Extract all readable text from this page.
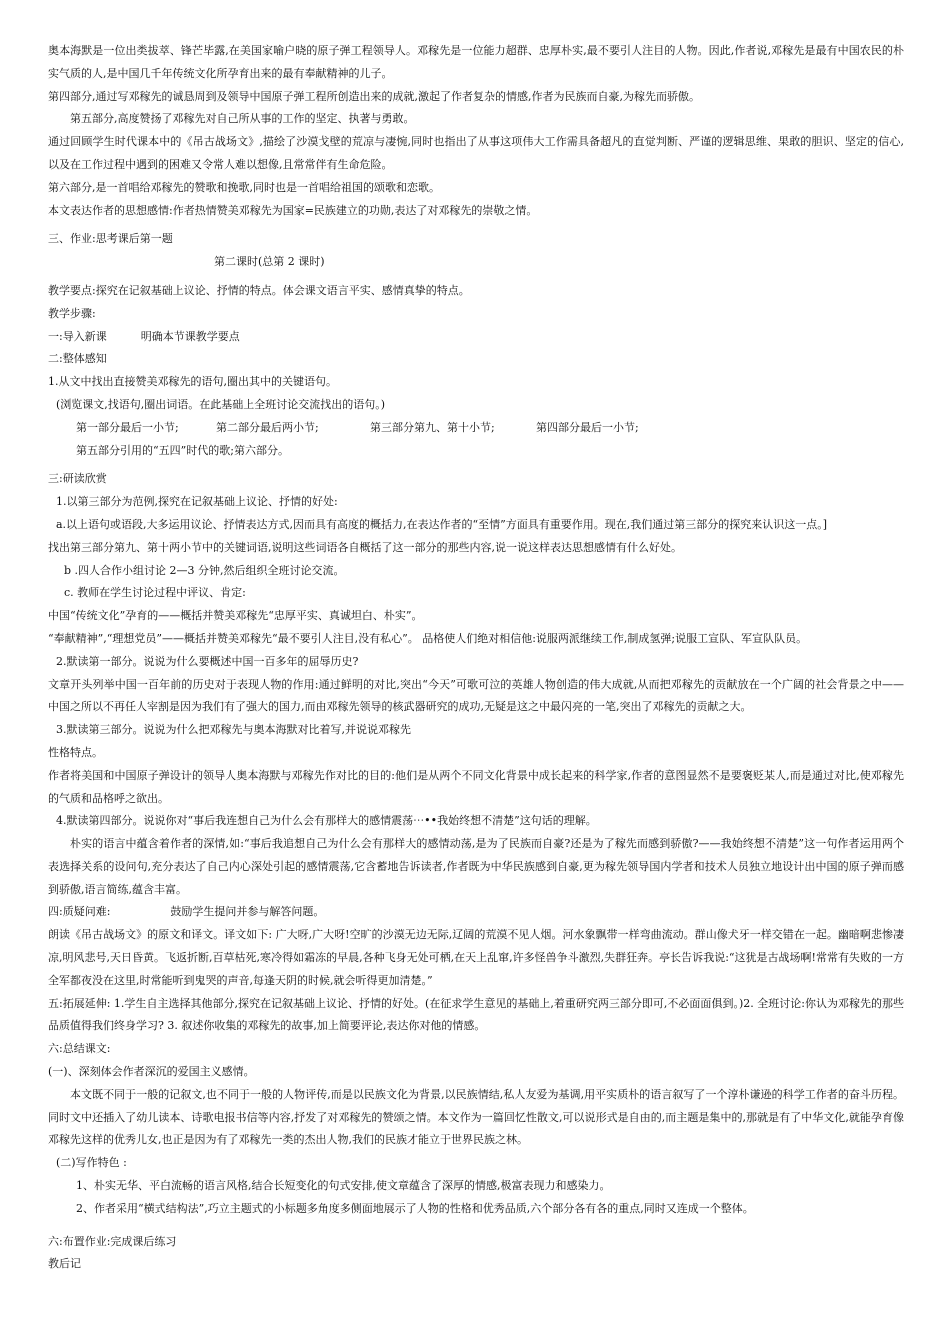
奥本海默是一位出类拔萃、锋芒毕露,在美国家喻户晓的原子弹工程领导人。邓稼先是一位能力超群、忠厚朴实,最不要引人注目的人物。因此,作者说,邓稼先是最有中国农民的朴实气质的人,是中国几千年传统文化所孕育出来的最有奉献精神的儿子。

第四部分,通过写邓稼先的诚恳周到及领导中国原子弹工程所创造出来的成就,激起了作者复杂的情感,作者为民族而自豪,为稼先而骄傲。

第五部分,高度赞扬了邓稼先对自己所从事的工作的坚定、执著与勇敢。

通过回顾学生时代课本中的《吊古战场文》,描绘了沙漠戈壁的荒凉与凄惋,同时也指出了从事这项伟大工作需具备超凡的直觉判断、严谨的逻辑思维、果敢的胆识、坚定的信心,以及在工作过程中遇到的困难又令常人难以想像,且常常伴有生命危险。

第六部分,是一首唱给邓稼先的赞歌和挽歌,同时也是一首唱给祖国的颂歌和恋歌。

本文表达作者的思想感情:作者热情赞美邓稼先为国家=民族建立的功勋,表达了对邓稼先的崇敬之情。

三、作业:思考课后第一题

第二课时(总第 2 课时)

教学要点:探究在记叙基础上议论、抒情的特点。体会课文语言平实、感情真挚的特点。

教学步骤:

一:导入新课	明确本节课教学要点

二:整体感知

1.从文中找出直接赞美邓稼先的语句,圈出其中的关键语句。

(浏览课文,找语句,圈出词语。在此基础上全班讨论交流找出的语句。)

第一部分最后一小节;	第二部分最后两小节;	第三部分第九、第十小节;	第四部分最后一小节;

第五部分引用的“五四”时代的歌;第六部分。

三:研读欣赏

1.以第三部分为范例,探究在记叙基础上议论、抒情的好处:

a.以上语句或语段,大多运用议论、抒情表达方式,因而具有高度的概括力,在表达作者的“至情”方面具有重要作用。现在,我们通过第三部分的探究来认识这一点。]

找出第三部分第九、第十两小节中的关键词语,说明这些词语各自概括了这一部分的那些内容,说一说这样表达思想感情有什么好处。

b .四人合作小组讨论 2—3 分钟,然后组织全班讨论交流。

c. 教师在学生讨论过程中评议、肯定:

中国“传统文化”孕育的——概括并赞美邓稼先“忠厚平实、真诚坦白、朴实”。

“奉献精神”,“理想党员”——概括并赞美邓稼先“最不要引人注目,没有私心”。 品格使人们绝对相信他:说服两派继续工作,制成氢弹;说服工宣队、军宣队队员。

2.默读第一部分。说说为什么要概述中国一百多年的屈辱历史?

文章开头列举中国一百年前的历史对于表现人物的作用:通过鲜明的对比,突出“今天”可歌可泣的英雄人物创造的伟大成就,从而把邓稼先的贡献放在一个广阔的社会背景之中——中国之所以不再任人宰割是因为我们有了强大的国力,而由邓稼先领导的核武器研究的成功,无疑是这之中最闪亮的一笔,突出了邓稼先的贡献之大。

3.默读第三部分。说说为什么把邓稼先与奥本海默对比着写,并说说邓稼先

性格特点。

作者将美国和中国原子弹设计的领导人奥本海默与邓稼先作对比的目的:他们是从两个不同文化背景中成长起来的科学家,作者的意图显然不是要褒贬某人,而是通过对比,使邓稼先的气质和品格呼之欲出。

4.默读第四部分。说说你对“事后我连想自己为什么会有那样大的感情震荡⋯••我始终想不清楚”这句话的理解。

朴实的语言中蕴含着作者的深情,如:“事后我追想自己为什么会有那样大的感情动荡,是为了民族而自豪?还是为了稼先而感到骄傲?——我始终想不清楚”这一句作者运用两个表选择关系的设问句,充分表达了自己内心深处引起的感情震荡,它含蓄地告诉读者,作者既为中华民族感到自豪,更为稼先领导国内学者和技术人员独立地设计出中国的原子弹而感到骄傲,语言简练,蕴含丰富。

四:质疑问难:	鼓励学生提问并参与解答问题。

朗读《吊古战场文》的原文和译文。译文如下: 广大呀,广大呀!空旷的沙漠无边无际,辽阔的荒漠不见人烟。河水象飘带一样弯曲流动。群山像犬牙一样交错在一起。幽暗啊悲惨凄凉,明风悲号,天日昏黄。飞返折断,百草枯死,寒冷得如霜冻的早晨,各种飞身无处可栖,在天上乱窜,许多怪兽争斗激烈,失群狂奔。亭长告诉我说:“这犹是古战场啊!常常有失败的一方全军都夜没在这里,时常能听到鬼哭的声音,每逢天阴的时候,就会听得更加清楚。”

五:拓展延伸: 1.学生自主选择其他部分,探究在记叙基础上议论、抒情的好处。(在征求学生意见的基础上,着重研究两三部分即可,不必面面俱到。)2. 全班讨论:你认为邓稼先的那些品质值得我们终身学习? 3. 叙述你收集的邓稼先的故事,加上简要评论,表达你对他的情感。

六:总结课文:

(一)、深刻体会作者深沉的爱国主义感情。

本文既不同于一般的记叙文,也不同于一般的人物评传,而是以民族文化为背景,以民族情结,私人友爱为基调,用平实质朴的语言叙写了一个淳朴谦逊的科学工作者的奋斗历程。同时文中还插入了幼儿读本、诗歌电报书信等内容,抒发了对邓稼先的赞颂之情。本文作为一篇回忆性散文,可以说形式是自由的,而主题是集中的,那就是有了中华文化,就能孕育像邓稼先这样的优秀儿女,也正是因为有了邓稼先一类的杰出人物,我们的民族才能立于世界民族之林。

(二)写作特色 :

1、朴实无华、平白流畅的语言风格,结合长短变化的句式安排,使文章蕴含了深厚的情感,极富表现力和感染力。

2、作者采用“横式结构法”,巧立主题式的小标题多角度多侧面地展示了人物的性格和优秀品质,六个部分各有各的重点,同时又连成一个整体。

六:布置作业:完成课后练习

教后记
